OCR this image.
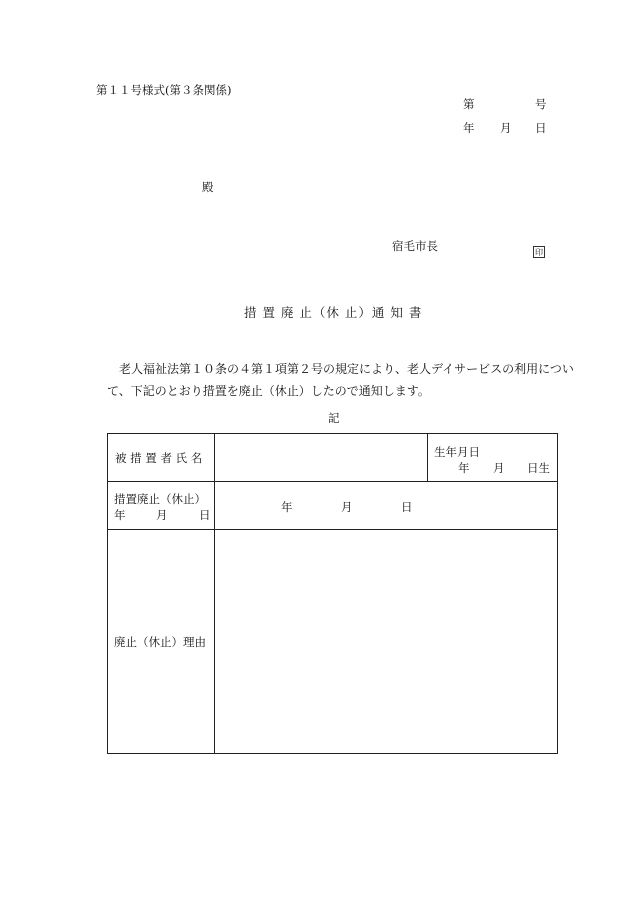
第１１号様式(第３条関係)
第	号
年 月 日
殿
宿毛市長	印
措 置 廃 止（休 止）通 知 書
老人福祉法第１０条の４第１項第２号の規定により、老人デイサービスの利用につい
て、下記のとおり措置を廃止（休止）したので通知します。
記
被 措 置 者 氏 名		生年月日
年 月 日生

措置廃止（休止）
年 月 日	年 月 日	

廃止（休止）理由		
